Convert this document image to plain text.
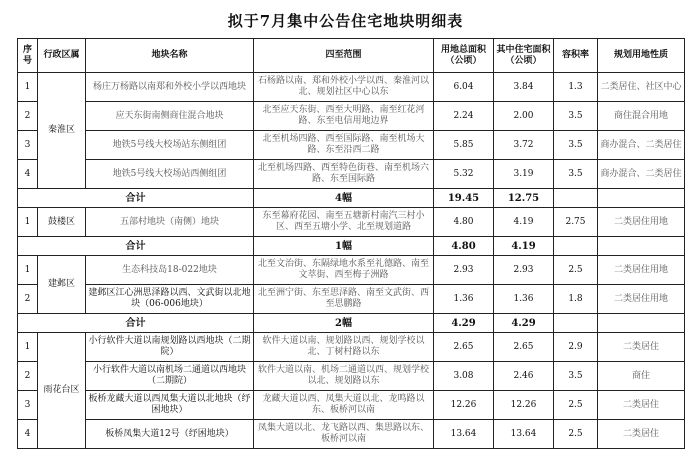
拟于7月集中公告住宅地块明细表
序号	行政区属	地块名称	四至范围	用地总面积（公顷）	其中住宅面积（公顷）	容积率	规划用地性质
1	秦淮区	杨庄万杨路以南郑和外校小学以西地块	石杨路以南、郑和外校小学以西、秦淮河以北、规划社区中心以东	6.04	3.84	1.3	二类居住、社区中心
2		应天东街南侧商住混合地块	北至应天东街、西至大明路、南至红花河路、东至电信用地边界	2.24	2.00	3.5	商住混合用地
3		地铁5号线大校场站东侧组团	北至机场四路、西至国际路、南至机场大路、东至沿西二路	5.85	3.72	3.5	商办混合、二类居住
4		地铁5号线大校场站西侧组团	北至机场四路、西至特色街巷、南至机场六路、东至国际路	5.32	3.19	3.5	商办混合、二类居住
合计			4幅	19.45	12.75		
1	鼓楼区	五部村地块（南侧）地块	东至幕府花园、南至五塘新村南汽三村小区、西至五塘小学、北至规划道路	4.80	4.19	2.75	二类居住用地
合计			1幅	4.80	4.19		
1	建邺区	生态科技岛18-022地块	北至文治街、东隔绿地水系至礼德路、南至文萃街、西至梅子洲路	2.93	2.93	2.5	二类居住用地
2		建邺区江心洲思泽路以西、文武街以北地块（06-006地块）	北至洲宁街、东至思泽路、南至文武街、西至思鹏路	1.36	1.36	1.8	二类居住用地
合计			2幅	4.29	4.29		
1	雨花台区	小行软件大道以南规划路以西地块（二期院）	软件大道以南、规划路以西、规划学校以北、丁树村路以东	2.65	2.65	2.9	二类居住
2		小行软件大道以南机场二通道以西地块（二期院）	软件大道以南、机场二通道以西、规划学校以北、规划路以东	3.08	2.46	3.5	商住
3		板桥龙藏大道以西凤集大道以北地块（纾困地块）	龙藏大道以西、凤集大道以北、龙鸣路以东、板桥河以南	12.26	12.26	2.5	二类居住
4		板桥凤集大道12号（纾困地块）	凤集大道以北、龙飞路以西、集思路以东、板桥河以南	13.64	13.64	2.5	二类居住
